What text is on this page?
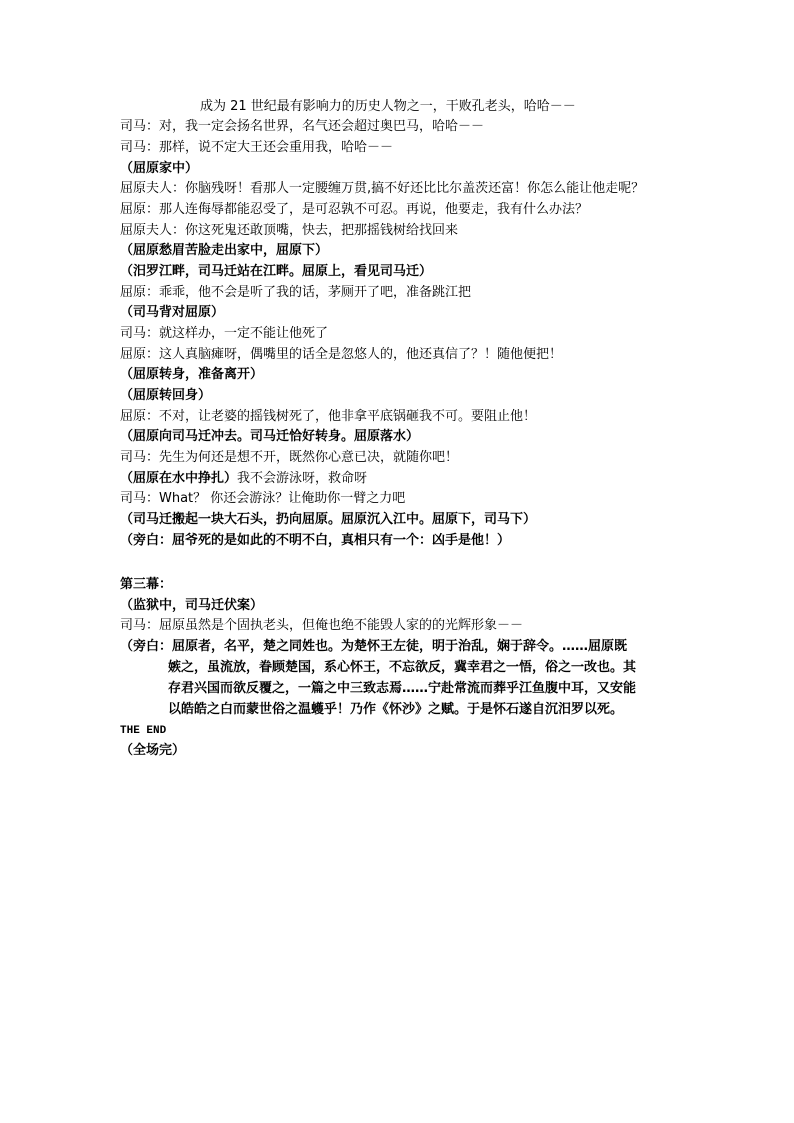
成为 21 世纪最有影响力的历史人物之一，干败孔老头，哈哈－－
司马：对，我一定会扬名世界，名气还会超过奥巴马，哈哈－－
司马：那样，说不定大王还会重用我，哈哈－－
（屈原家中）
屈原夫人：你脑残呀！看那人一定腰缠万贯,搞不好还比比尔盖茨还富！你怎么能让他走呢？
屈原：那人连侮辱都能忍受了，是可忍孰不可忍。再说，他要走，我有什么办法？
屈原夫人：你这死鬼还敢顶嘴，快去，把那摇钱树给找回来
（屈原愁眉苦脸走出家中，屈原下）
（汨罗江畔，司马迁站在江畔。屈原上，看见司马迁）
屈原：乖乖，他不会是听了我的话，茅厕开了吧，准备跳江把
（司马背对屈原）
司马：就这样办，一定不能让他死了
屈原：这人真脑瘫呀，偶嘴里的话全是忽悠人的，他还真信了？！随他便把！
（屈原转身，准备离开）
（屈原转回身）
屈原：不对，让老婆的摇钱树死了，他非拿平底锅砸我不可。要阻止他！
（屈原向司马迁冲去。司马迁恰好转身。屈原落水）
司马：先生为何还是想不开，既然你心意已决，就随你吧！
（屈原在水中挣扎）我不会游泳呀，救命呀
司马：What？ 你还会游泳？让俺助你一臂之力吧
（司马迁搬起一块大石头，扔向屈原。屈原沉入江中。屈原下，司马下）
（旁白：屈爷死的是如此的不明不白，真相只有一个：凶手是他！）
第三幕：
（监狱中，司马迁伏案）
司马：屈原虽然是个固执老头，但俺也绝不能毁人家的的光辉形象－－
（旁白：屈原者，名平，楚之同姓也。为楚怀王左徒，明于治乱，娴于辞令。……屈原既
嫉之，虽流放，眷顾楚国，系心怀王，不忘欲反，冀幸君之一悟，俗之一改也。其
存君兴国而欲反覆之，一篇之中三致志焉……宁赴常流而葬乎江鱼腹中耳，又安能
以皓皓之白而蒙世俗之温蠖乎！乃作《怀沙》之赋。于是怀石遂自沉汨罗以死。
THE END
（全场完）
